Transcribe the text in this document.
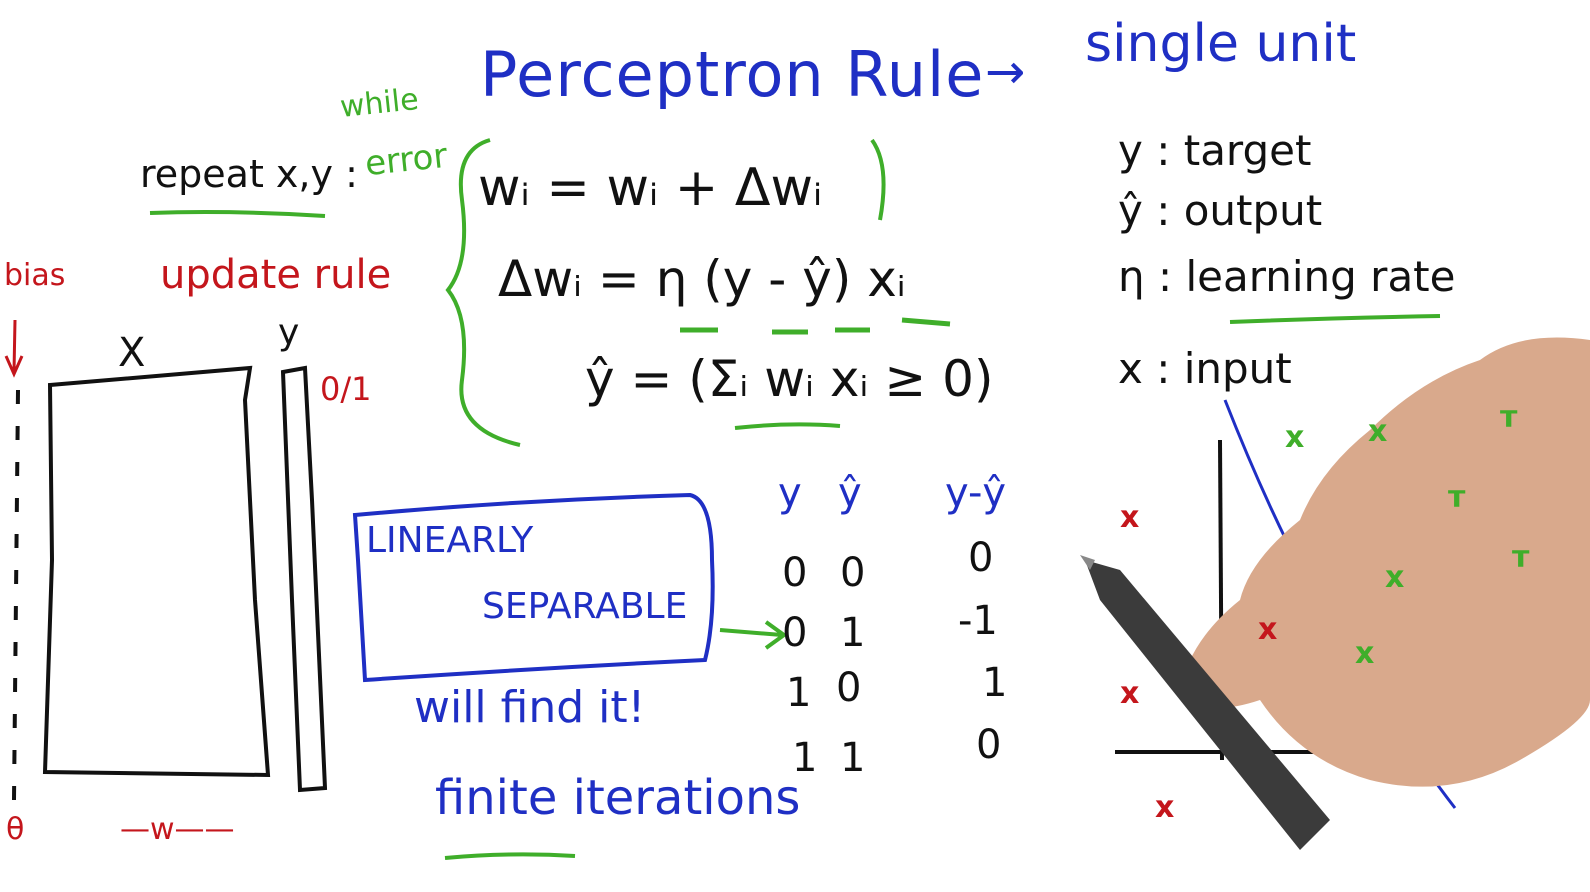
Perceptron Rule → single unit
while
error
repeat x,y :
bias update rule
X	y
0/1
θ	—w——
wᵢ = wᵢ + Δwᵢ
Δwᵢ = η (y - ŷ) xᵢ
ŷ = (Σᵢ wᵢ xᵢ ≥ 0)
LINEARLY
SEPARABLE
will find it!
finite iterations
y : target
ŷ : output
η : learning rate
x : input
y ŷ y-ŷ
0 0	0
0 1 -1
1 0	1
1 1	0
x x
x
x
т
т
т
x
x
x
x
